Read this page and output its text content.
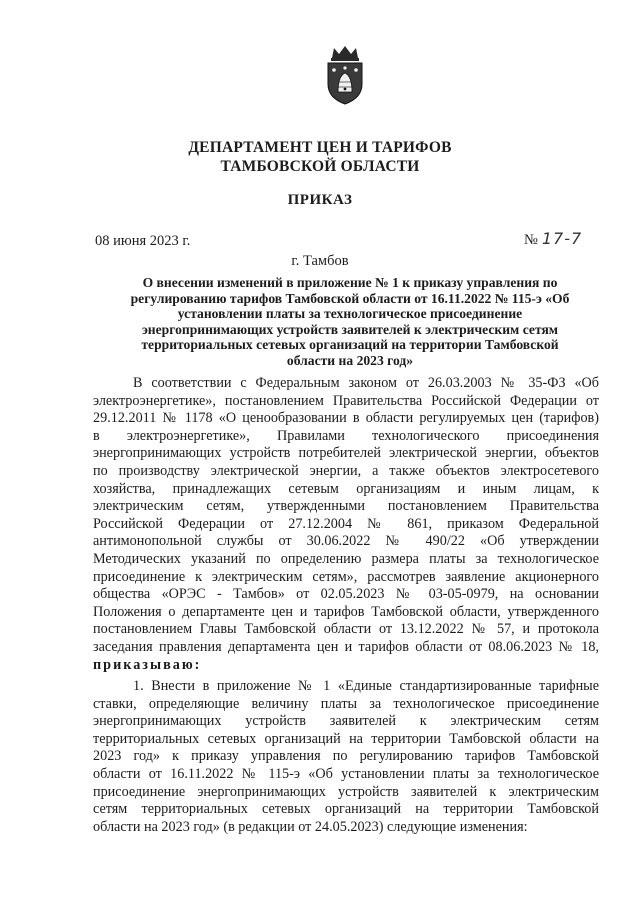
ДЕПАРТАМЕНТ ЦЕН И ТАРИФОВ
ТАМБОВСКОЙ ОБЛАСТИ
ПРИКАЗ
08 июня 2023 г.	№ 17-7
г. Тамбов
О внесении изменений в приложение № 1 к приказу управления по
регулированию тарифов Тамбовской области от 16.11.2022 № 115-э «Об
установлении платы за технологическое присоединение
энергопринимающих устройств заявителей к электрическим сетям
территориальных сетевых организаций на территории Тамбовской
области на 2023 год»
В соответствии с Федеральным законом от 26.03.2003 № 35-ФЗ «Об
электроэнергетике», постановлением Правительства Российской Федерации от
29.12.2011 № 1178 «О ценообразовании в области регулируемых цен (тарифов)
в электроэнергетике», Правилами технологического присоединения
энергопринимающих устройств потребителей электрической энергии, объектов
по производству электрической энергии, а также объектов электросетевого
хозяйства, принадлежащих сетевым организациям и иным лицам, к
электрическим сетям, утвержденными постановлением Правительства
Российской Федерации от 27.12.2004 № 861, приказом Федеральной
антимонопольной службы от 30.06.2022 № 490/22 «Об утверждении
Методических указаний по определению размера платы за технологическое
присоединение к электрическим сетям», рассмотрев заявление акционерного
общества «ОРЭС - Тамбов» от 02.05.2023 № 03-05-0979, на основании
Положения о департаменте цен и тарифов Тамбовской области, утвержденного
постановлением Главы Тамбовской области от 13.12.2022 № 57, и протокола
заседания правления департамента цен и тарифов области от 08.06.2023 № 18,
приказываю:
1. Внести в приложение № 1 «Единые стандартизированные тарифные
ставки, определяющие величину платы за технологическое присоединение
энергопринимающих устройств заявителей к электрическим сетям
территориальных сетевых организаций на территории Тамбовской области на
2023 год» к приказу управления по регулированию тарифов Тамбовской
области от 16.11.2022 № 115-э «Об установлении платы за технологическое
присоединение энергопринимающих устройств заявителей к электрическим
сетям территориальных сетевых организаций на территории Тамбовской
области на 2023 год» (в редакции от 24.05.2023) следующие изменения:
